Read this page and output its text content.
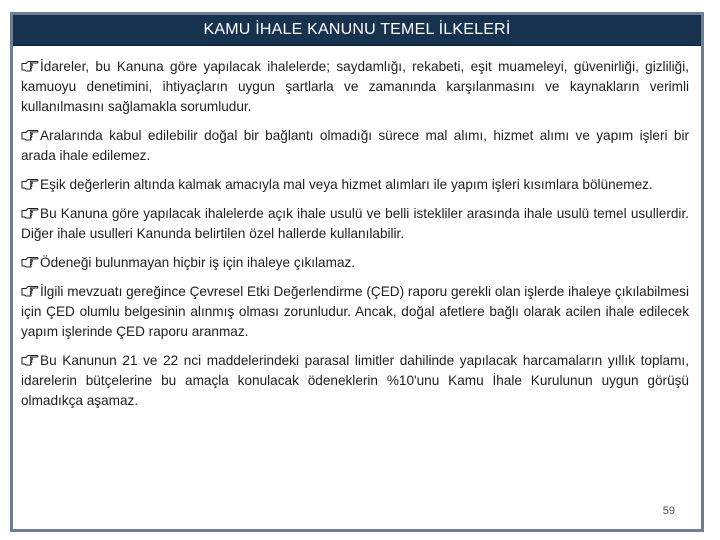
KAMU İHALE KANUNU TEMEL İLKELERİ

İdareler, bu Kanuna göre yapılacak ihalelerde; saydamlığı, rekabeti, eşit muameleyi, güvenirliği, gizliliği, kamuoyu denetimini, ihtiyaçların uygun şartlarla ve zamanında karşılanmasını ve kaynakların verimli kullanılmasını sağlamakla sorumludur.

Aralarında kabul edilebilir doğal bir bağlantı olmadığı sürece mal alımı, hizmet alımı ve yapım işleri bir arada ihale edilemez.

Eşik değerlerin altında kalmak amacıyla mal veya hizmet alımları ile yapım işleri kısımlara bölünemez.

Bu Kanuna göre yapılacak ihalelerde açık ihale usulü ve belli istekliler arasında ihale usulü temel usullerdir. Diğer ihale usulleri Kanunda belirtilen özel hallerde kullanılabilir.

Ödeneği bulunmayan hiçbir iş için ihaleye çıkılamaz.

İlgili mevzuatı gereğince Çevresel Etki Değerlendirme (ÇED) raporu gerekli olan işlerde ihaleye çıkılabilmesi için ÇED olumlu belgesinin alınmış olması zorunludur. Ancak, doğal afetlere bağlı olarak acilen ihale edilecek yapım işlerinde ÇED raporu aranmaz.

Bu Kanunun 21 ve 22 nci maddelerindeki parasal limitler dahilinde yapılacak harcamaların yıllık toplamı, idarelerin bütçelerine bu amaçla konulacak ödeneklerin %10'unu Kamu İhale Kurulunun uygun görüşü olmadıkça aşamaz.

59
